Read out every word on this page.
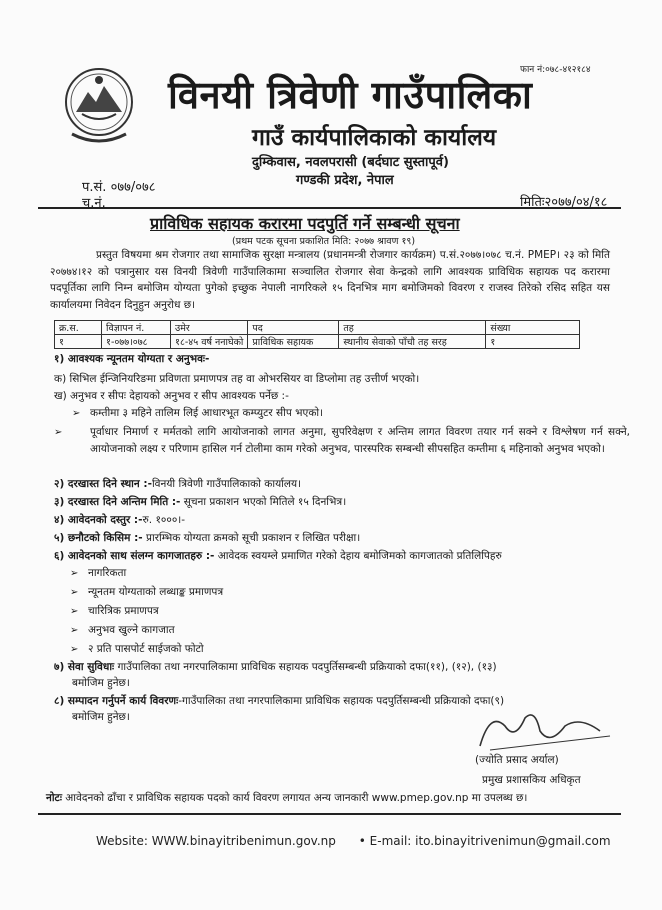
फान नं:०७८-४१२१८४
विनयी त्रिवेणी गाउँपालिका
गाउँ कार्यपालिकाको कार्यालय
दुम्किवास, नवलपरासी (बर्दघाट सुस्तापूर्व)
गण्डकी प्रदेश, नेपाल
प.सं. ०७७/०७८
च.नं.	मितिः२०७७/०४/१८
प्राविधिक सहायक करारमा पदपुर्ति गर्ने सम्बन्धी सूचना
(प्रथम पटक सूचना प्रकाशित मिति: २०७७ श्रावण १९)
प्रस्तुत विषयमा श्रम रोजगार तथा सामाजिक सुरक्षा मन्त्रालय (प्रधानमन्त्री रोजगार कार्यक्रम) प.सं.२०७७।०७८ च.नं. PMEP। २३ को मिति २०७७४।१२ को पत्रानुसार यस विनयी त्रिवेणी गाउँपालिकामा सञ्चालित रोजगार सेवा केन्द्रको लागि आवश्यक प्राविधिक सहायक पद करारमा पदपूर्तिका लागि निम्न बमोजिम योग्यता पुगेको इच्छुक नेपाली नागरिकले १५ दिनभित्र माग बमोजिमको विवरण र राजस्व तिरेको रसिद सहित यस कार्यालयमा निवेदन दिनुहुन अनुरोध छ।
क्र.स.	विज्ञापन नं.	उमेर	पद	तह	संख्या
१	१-०७७।०७८	१८-४५ वर्ष ननाघेको	प्राविधिक सहायक	स्थानीय सेवाको पाँचौ तह सरह	१
१) आवश्यक न्यूनतम योग्यता र अनुभवः-
क) सिभिल ईन्जिनियरिङमा प्रविणता प्रमाणपत्र तह वा ओभरसियर वा डिप्लोमा तह उत्तीर्ण भएको।
ख) अनुभव र सीपः देहायको अनुभव र सीप आवश्यक पर्नेछ :-
➢ कम्तीमा ३ महिने तालिम लिई आधारभूत कम्प्युटर सीप भएको।
➢	पूर्वाधार निमार्ण र मर्मतको लागि आयोजनाको लागत अनुमा, सुपरिवेक्षण र अन्तिम लागत विवरण तयार गर्न सक्ने र विश्लेषण गर्न सक्ने, आयोजनाको लक्ष्य र परिणाम हासिल गर्न टोलीमा काम गरेको अनुभव, पारस्परिक सम्बन्धी सीपसहित कम्तीमा ६ महिनाको अनुभव भएको।
२) दरखास्त दिने स्थान :-विनयी त्रिवेणी गाउँपालिकाको कार्यालय।
३) दरखास्त दिने अन्तिम मिति :- सूचना प्रकाशन भएको मितिले १५ दिनभित्र।
४) आवेदनको दस्तुर :-रु. १०००।-
५) छनौटको किसिम :- प्रारम्भिक योग्यता क्रमको सूची प्रकाशन र लिखित परीक्षा।
६) आवेदनको साथ संलग्न कागजातहरु :- आवेदक स्वयम्ले प्रमाणित गरेको देहाय बमोजिमको कागजातको प्रतिलिपिहरु
➢ नागरिकता
➢ न्यूनतम योग्यताको लब्धाङ्क प्रमाणपत्र
➢ चारित्रिक प्रमाणपत्र
➢ अनुभव खुल्ने कागजात
➢ २ प्रति पासपोर्ट साईजको फोटो
७) सेवा सुविधाः गाउँपालिका तथा नगरपालिकामा प्राविधिक सहायक पदपुर्तिसम्बन्धी प्रक्रियाको दफा(११), (१२), (१३)
बमोजिम हुनेछ।
८) सम्पादन गर्नुपर्ने कार्य विवरणः-गाउँपालिका तथा नगरपालिकामा प्राविधिक सहायक पदपुर्तिसम्बन्धी प्रक्रियाको दफा(९)
बमोजिम हुनेछ।
(ज्योति प्रसाद अर्याल)
प्रमुख प्रशासकिय अधिकृत
नोटः आवेदनको ढाँचा र प्राविधिक सहायक पदको कार्य विवरण लगायत अन्य जानकारी www.pmep.gov.np मा उपलब्ध छ।
Website: WWW.binayitribenimun.gov.np • E-mail: ito.binayitrivenimun@gmail.com
